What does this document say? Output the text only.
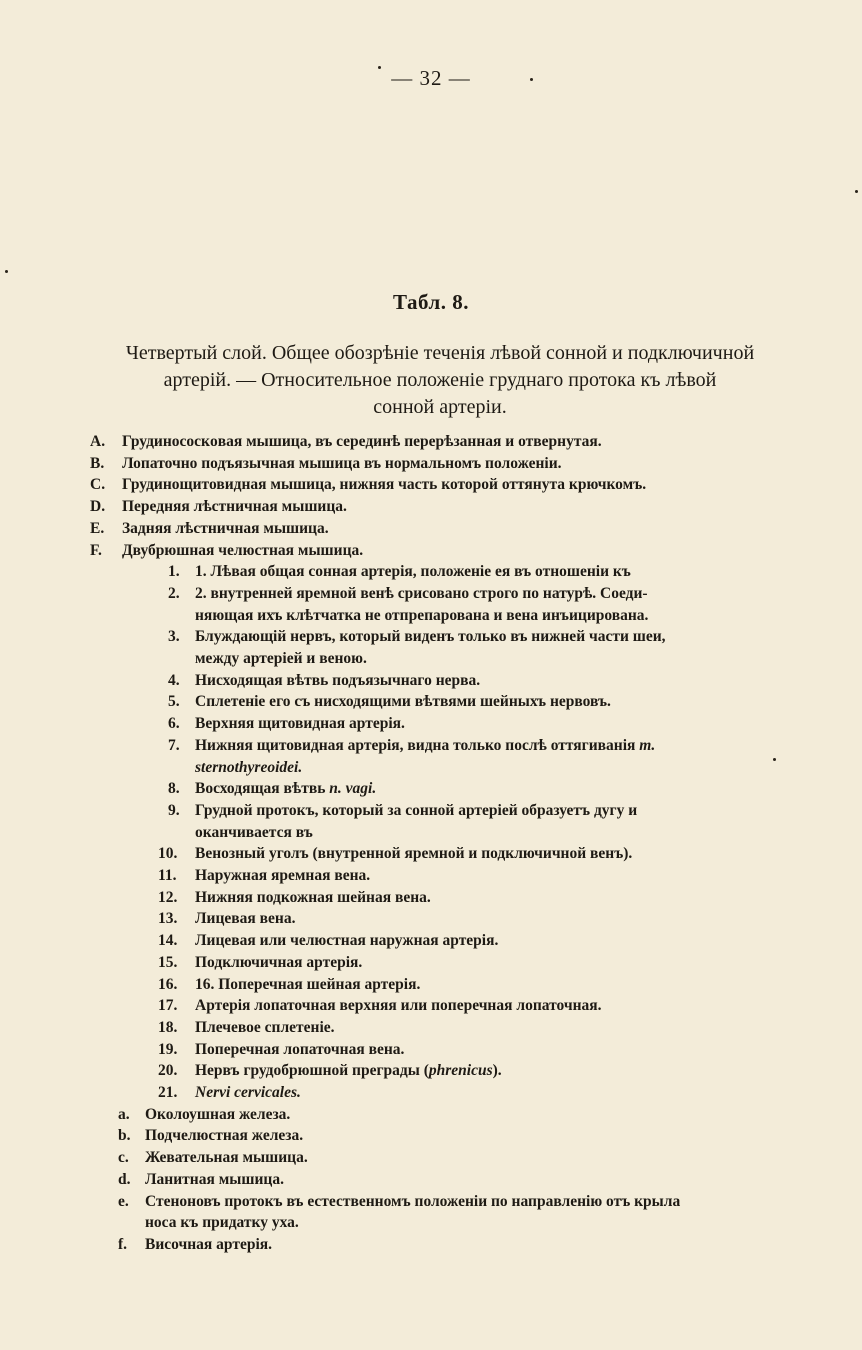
— 32 —
Табл. 8.
Четвертый слой. Общее обозрѣніе теченія лѣвой сонной и подключичной
артерій. — Относительное положеніе груднаго протока къ лѣвой
сонной артеріи.
A. Грудинососкoвая мышица, въ серединѣ перерѣзанная и отвернутая.
B. Лопаточно подъязычная мышица въ нормальномъ положеніи.
C. Грудинощитовидная мышица, нижняя часть которой оттянута крючкомъ.
D. Передняя лѣстничная мышица.
E. Задняя лѣстничная мышица.
F. Двубрюшная челюстная мышица.
1. 1. Лѣвая общая сонная артерія, положеніе ея въ отношеніи къ
2. 2. внутренней яремной венѣ срисовано строго по натурѣ. Соеди-
няющая ихъ клѣтчатка не отпрепарована и вена инъицирована.
3. Блуждающій нервъ, который виденъ только въ нижней части шеи,
между артеріей и веною.
4. Нисходящая вѣтвь подъязычнаго нерва.
5. Сплетеніе его съ нисходящими вѣтвями шейныхъ нервовъ.
6. Верхняя щитовидная артерія.
7. Нижняя щитовидная артерія, видна только послѣ оттягиванія m.
sternothyreoidei.
8. Восходящая вѣтвь n. vagi.
9. Грудной протокъ, который за сонной артеріей образуетъ дугу и
оканчивается въ
10. Венозный уголъ (внутренной яремной и подключичной венъ).
11. Наружная яремная вена.
12. Нижняя подкожная шейная вена.
13. Лицевая вена.
14. Лицевая или челюстная наружная артерія.
15. Подключичная артерія.
16. 16. Поперечная шейная артерія.
17. Артерія лопаточная верхняя или поперечная лопаточная.
18. Плечевое сплетеніе.
19. Поперечная лопаточная вена.
20. Нервъ грудобрюшной преграды (phrenicus).
21. Nervi cervicales.
a. Околоушная железа.
b. Подчелюстная железа.
c. Жевательная мышица.
d. Ланитная мышица.
e. Стеноновъ протокъ въ естественномъ положеніи по направленію отъ крыла
носа къ придатку уха.
f. Височная артерія.
